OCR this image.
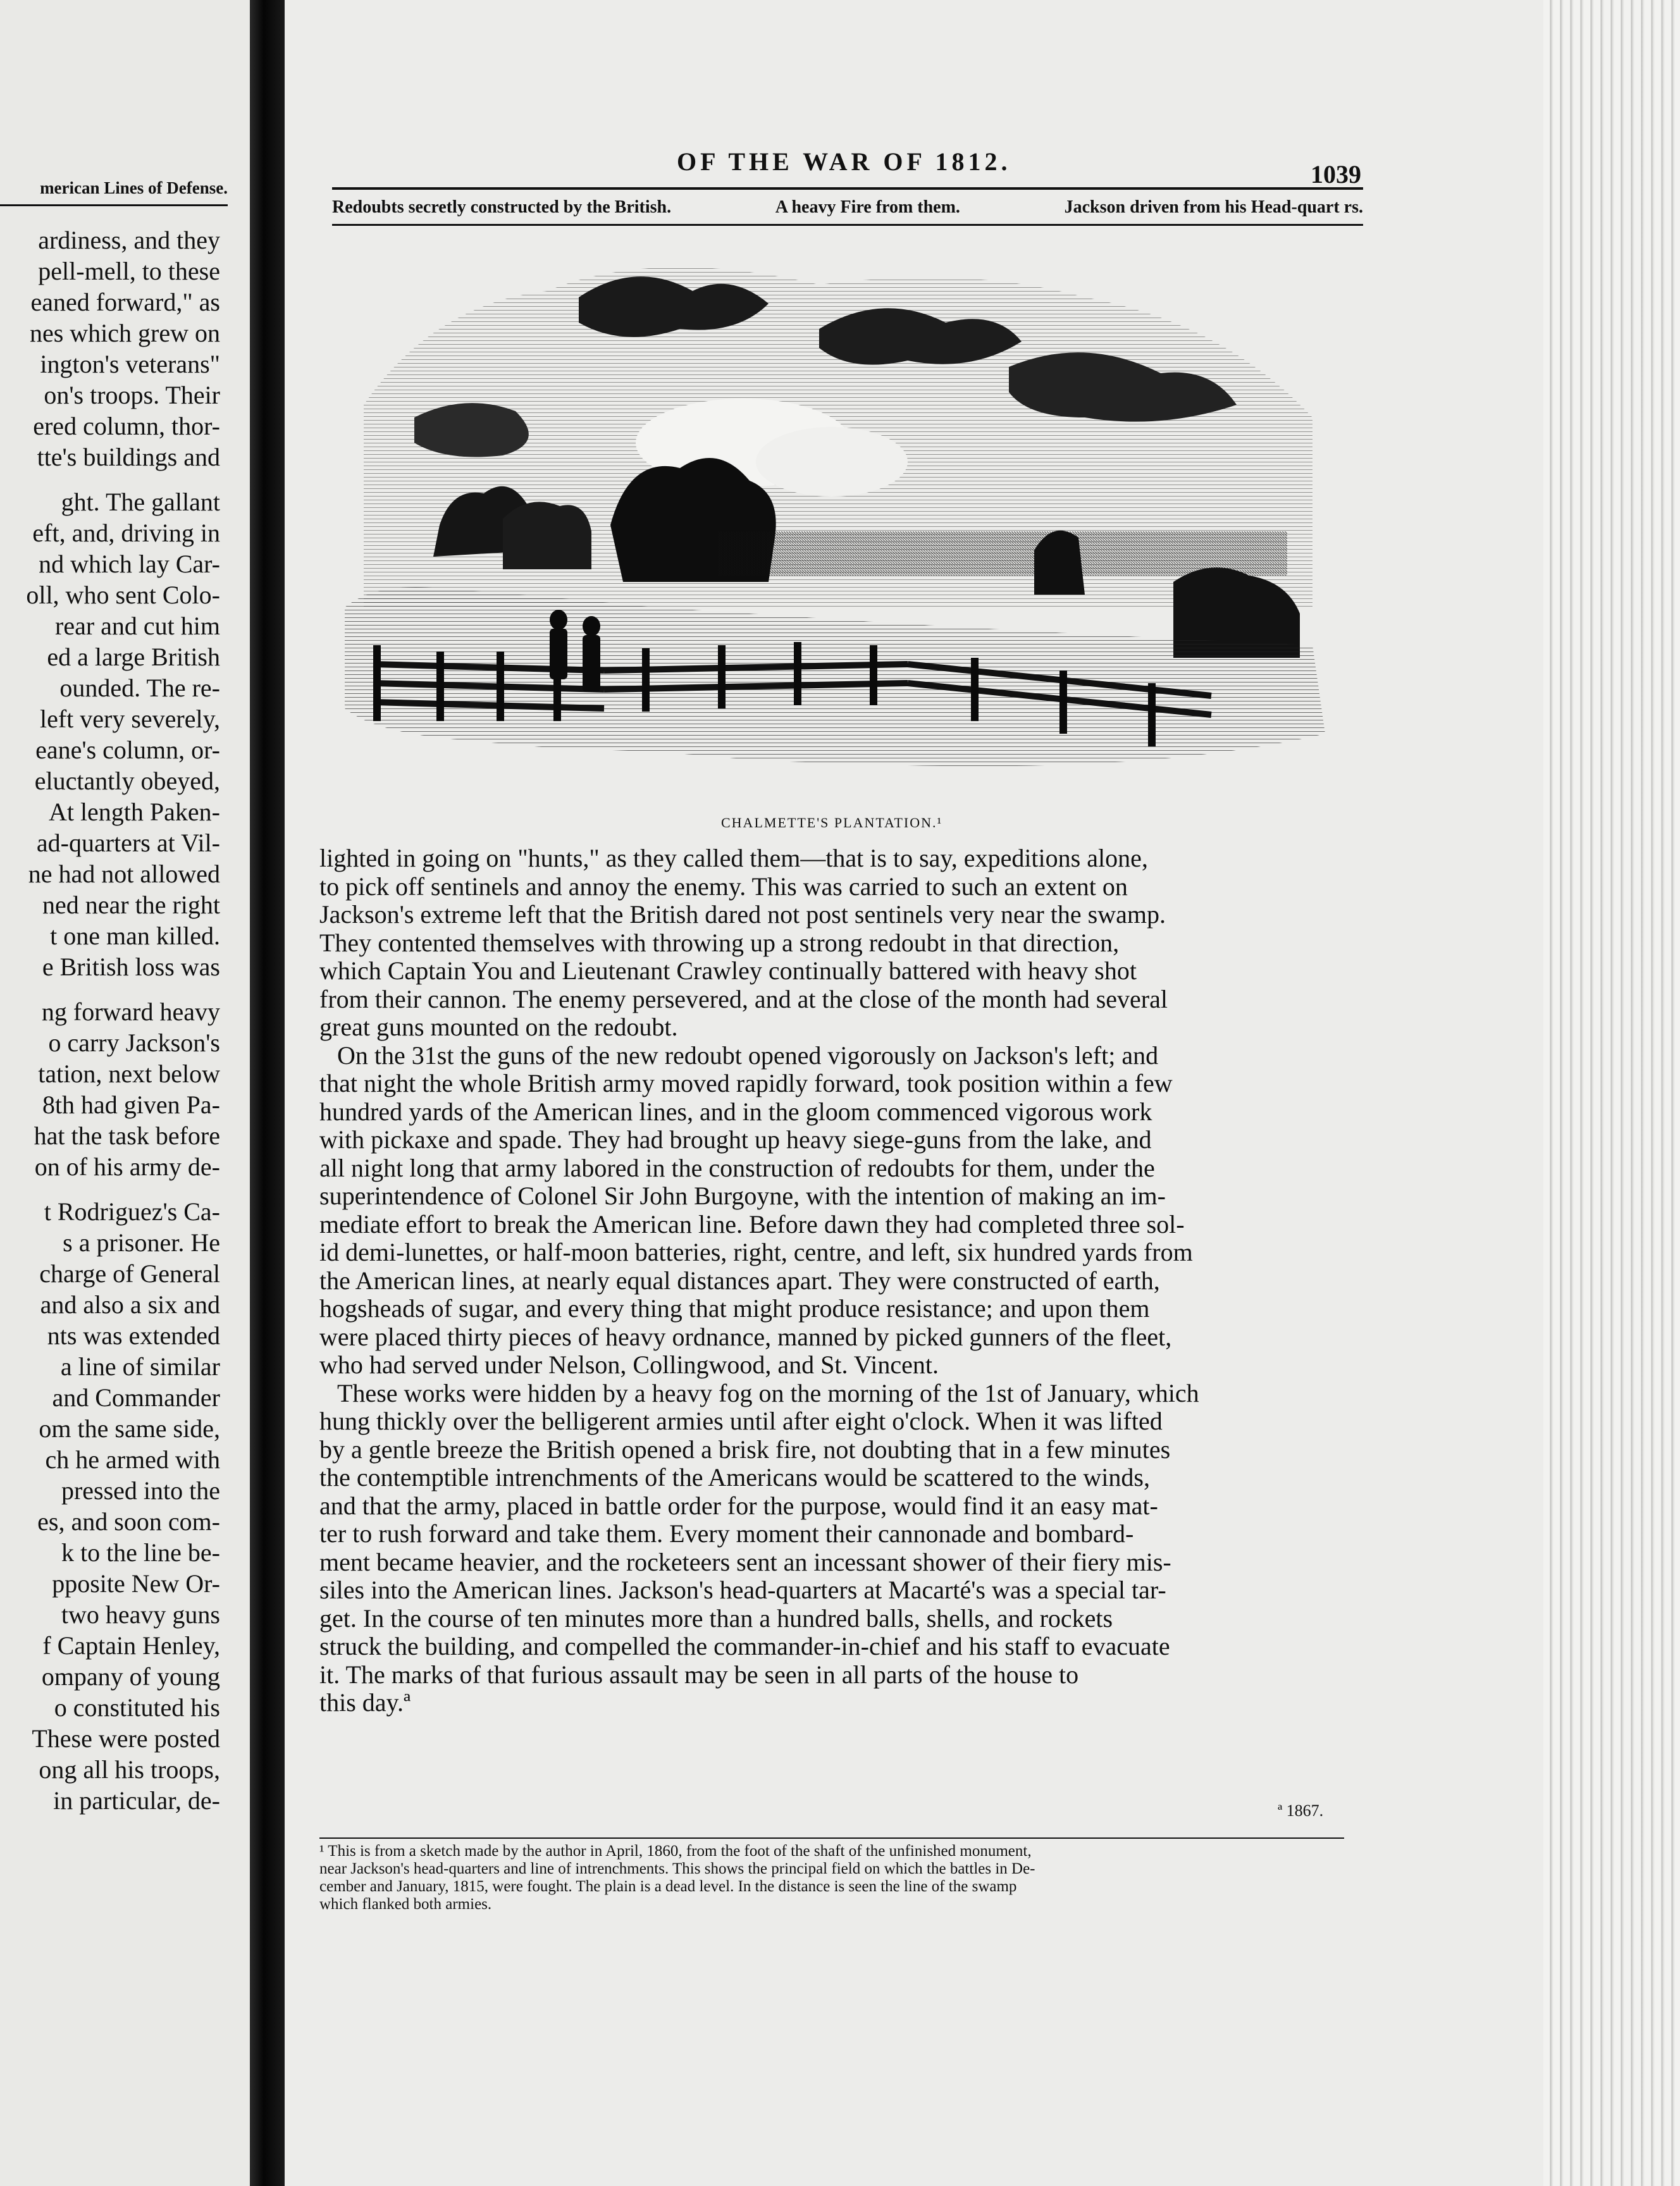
merican Lines of Defense.
ardiness, and they
pell-mell, to these
eaned forward," as
nes which grew on
ington's veterans"
on's troops. Their
ered column, thor-
tte's buildings and
ght. The gallant
eft, and, driving in
nd which lay Car-
oll, who sent Colo-
rear and cut him
ed a large British
ounded. The re-
left very severely,
eane's column, or-
eluctantly obeyed,
At length Paken-
ad-quarters at Vil-
ne had not allowed
ned near the right
t one man killed.
e British loss was
ng forward heavy
o carry Jackson's
tation, next below
8th had given Pa-
hat the task before
on of his army de-
t Rodriguez's Ca-
s a prisoner. He
charge of General
and also a six and
nts was extended
a line of similar
and Commander
om the same side,
ch he armed with
pressed into the
es, and soon com-
k to the line be-
pposite New Or-
two heavy guns
f Captain Henley,
ompany of young
o constituted his
These were posted
ong all his troops,
in particular, de-
OF THE WAR OF 1812.	1039
Redoubts secretly constructed by the British.	A heavy Fire from them.	Jackson driven from his Head-quart rs.
CHALMETTE'S PLANTATION.¹
lighted in going on "hunts," as they called them—that is to say, expeditions alone,
to pick off sentinels and annoy the enemy. This was carried to such an extent on
Jackson's extreme left that the British dared not post sentinels very near the swamp.
They contented themselves with throwing up a strong redoubt in that direction,
which Captain You and Lieutenant Crawley continually battered with heavy shot
from their cannon. The enemy persevered, and at the close of the month had several
great guns mounted on the redoubt.
On the 31st the guns of the new redoubt opened vigorously on Jackson's left; and
that night the whole British army moved rapidly forward, took position within a few
hundred yards of the American lines, and in the gloom commenced vigorous work
with pickaxe and spade. They had brought up heavy siege-guns from the lake, and
all night long that army labored in the construction of redoubts for them, under the
superintendence of Colonel Sir John Burgoyne, with the intention of making an im-
mediate effort to break the American line. Before dawn they had completed three sol-
id demi-lunettes, or half-moon batteries, right, centre, and left, six hundred yards from
the American lines, at nearly equal distances apart. They were constructed of earth,
hogsheads of sugar, and every thing that might produce resistance; and upon them
were placed thirty pieces of heavy ordnance, manned by picked gunners of the fleet,
who had served under Nelson, Collingwood, and St. Vincent.
These works were hidden by a heavy fog on the morning of the 1st of January, which
hung thickly over the belligerent armies until after eight o'clock. When it was lifted
by a gentle breeze the British opened a brisk fire, not doubting that in a few minutes
the contemptible intrenchments of the Americans would be scattered to the winds,
and that the army, placed in battle order for the purpose, would find it an easy mat-
ter to rush forward and take them. Every moment their cannonade and bombard-
ment became heavier, and the rocketeers sent an incessant shower of their fiery mis-
siles into the American lines. Jackson's head-quarters at Macarté's was a special tar-
get. In the course of ten minutes more than a hundred balls, shells, and rockets
struck the building, and compelled the commander-in-chief and his staff to evacuate
it. The marks of that furious assault may be seen in all parts of the house to
this day.ª
ª 1867.
¹ This is from a sketch made by the author in April, 1860, from the foot of the shaft of the unfinished monument,
near Jackson's head-quarters and line of intrenchments. This shows the principal field on which the battles in De-
cember and January, 1815, were fought. The plain is a dead level. In the distance is seen the line of the swamp
which flanked both armies.
